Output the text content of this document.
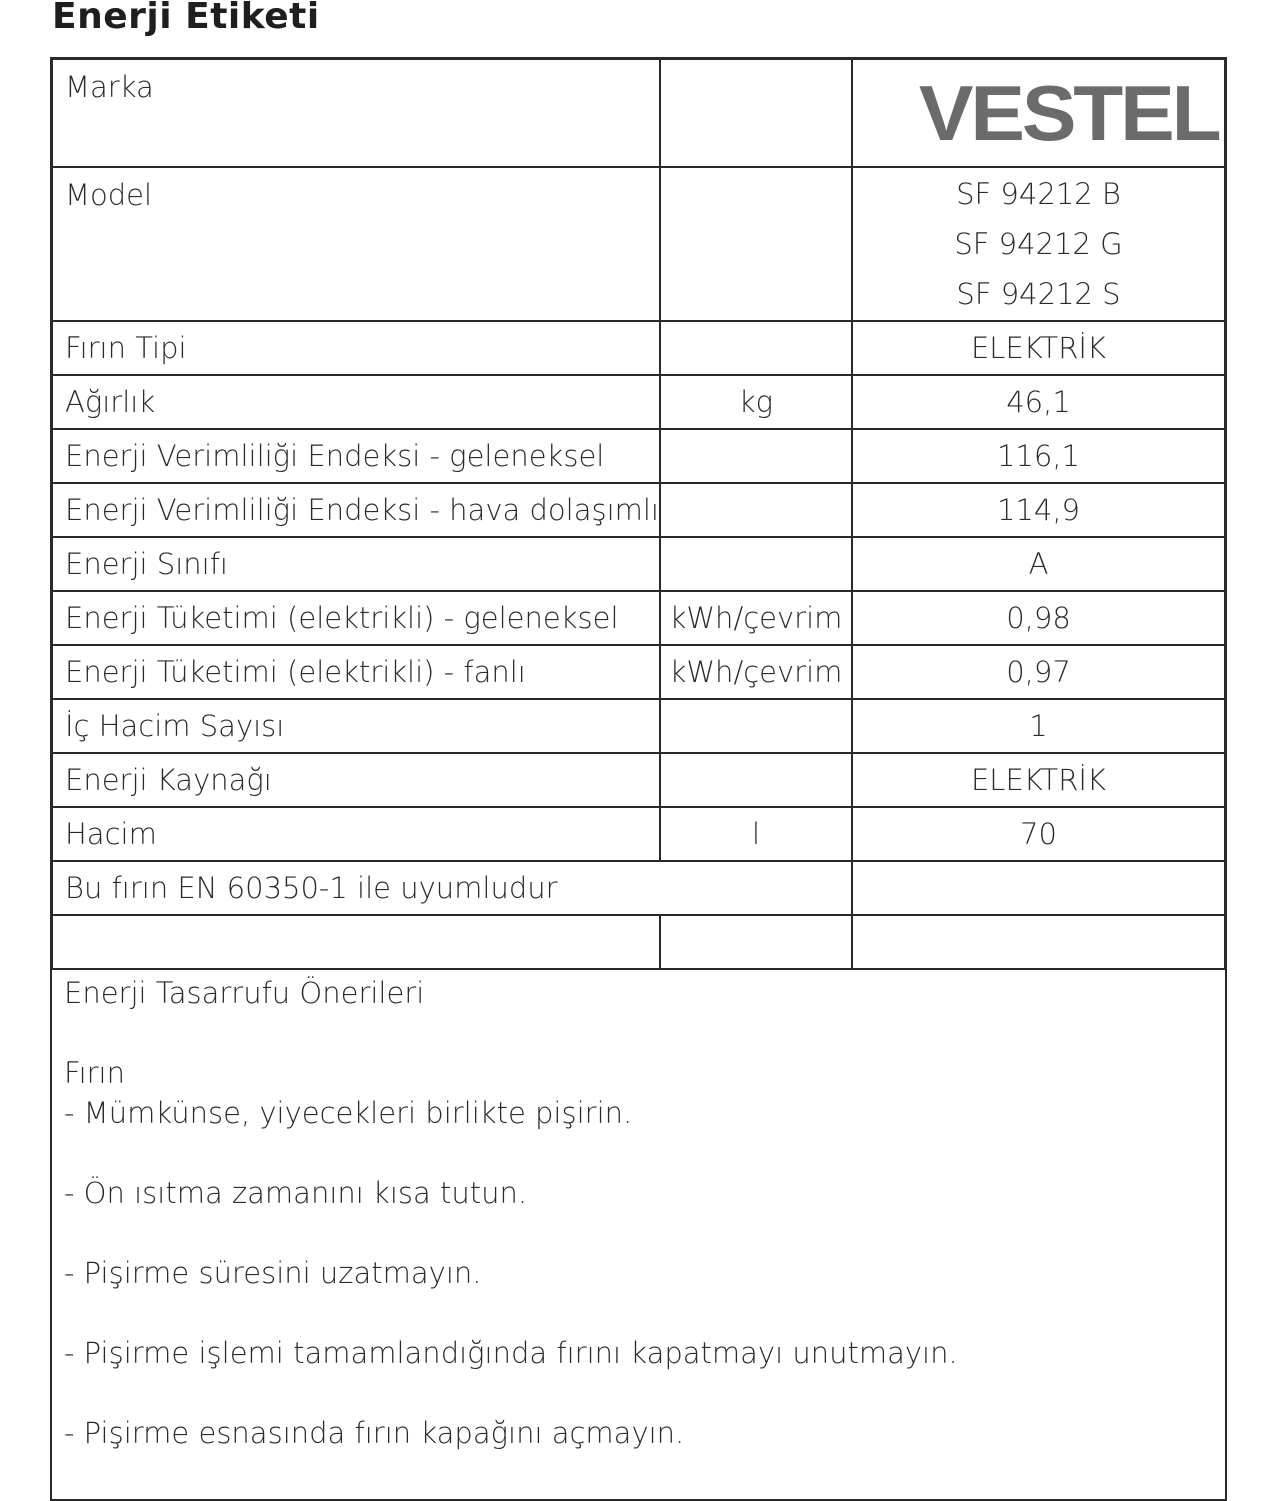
Enerji Etiketi
Marka		VESTEL
Model		SF 94212 B
SF 94212 G
SF 94212 S

Fırın Tipi		ELEKTRİK
Ağırlık	kg	46,1
Enerji Verimliliği Endeksi - geleneksel		116,1
Enerji Verimliliği Endeksi - hava dolaşımlı		114,9
Enerji Sınıfı		A
Enerji Tüketimi (elektrikli) - geleneksel	kWh/çevrim	0,98
Enerji Tüketimi (elektrikli) - fanlı	kWh/çevrim	0,97
İç Hacim Sayısı		1
Enerji Kaynağı		ELEKTRİK
Hacim	l	70
Bu fırın EN 60350-1 ile uyumludur		

Enerji Tasarrufu Önerileri

Fırın

- Mümkünse, yiyecekleri birlikte pişirin.

- Ön ısıtma zamanını kısa tutun.

- Pişirme süresini uzatmayın.

- Pişirme işlemi tamamlandığında fırını kapatmayı unutmayın.

- Pişirme esnasında fırın kapağını açmayın.
